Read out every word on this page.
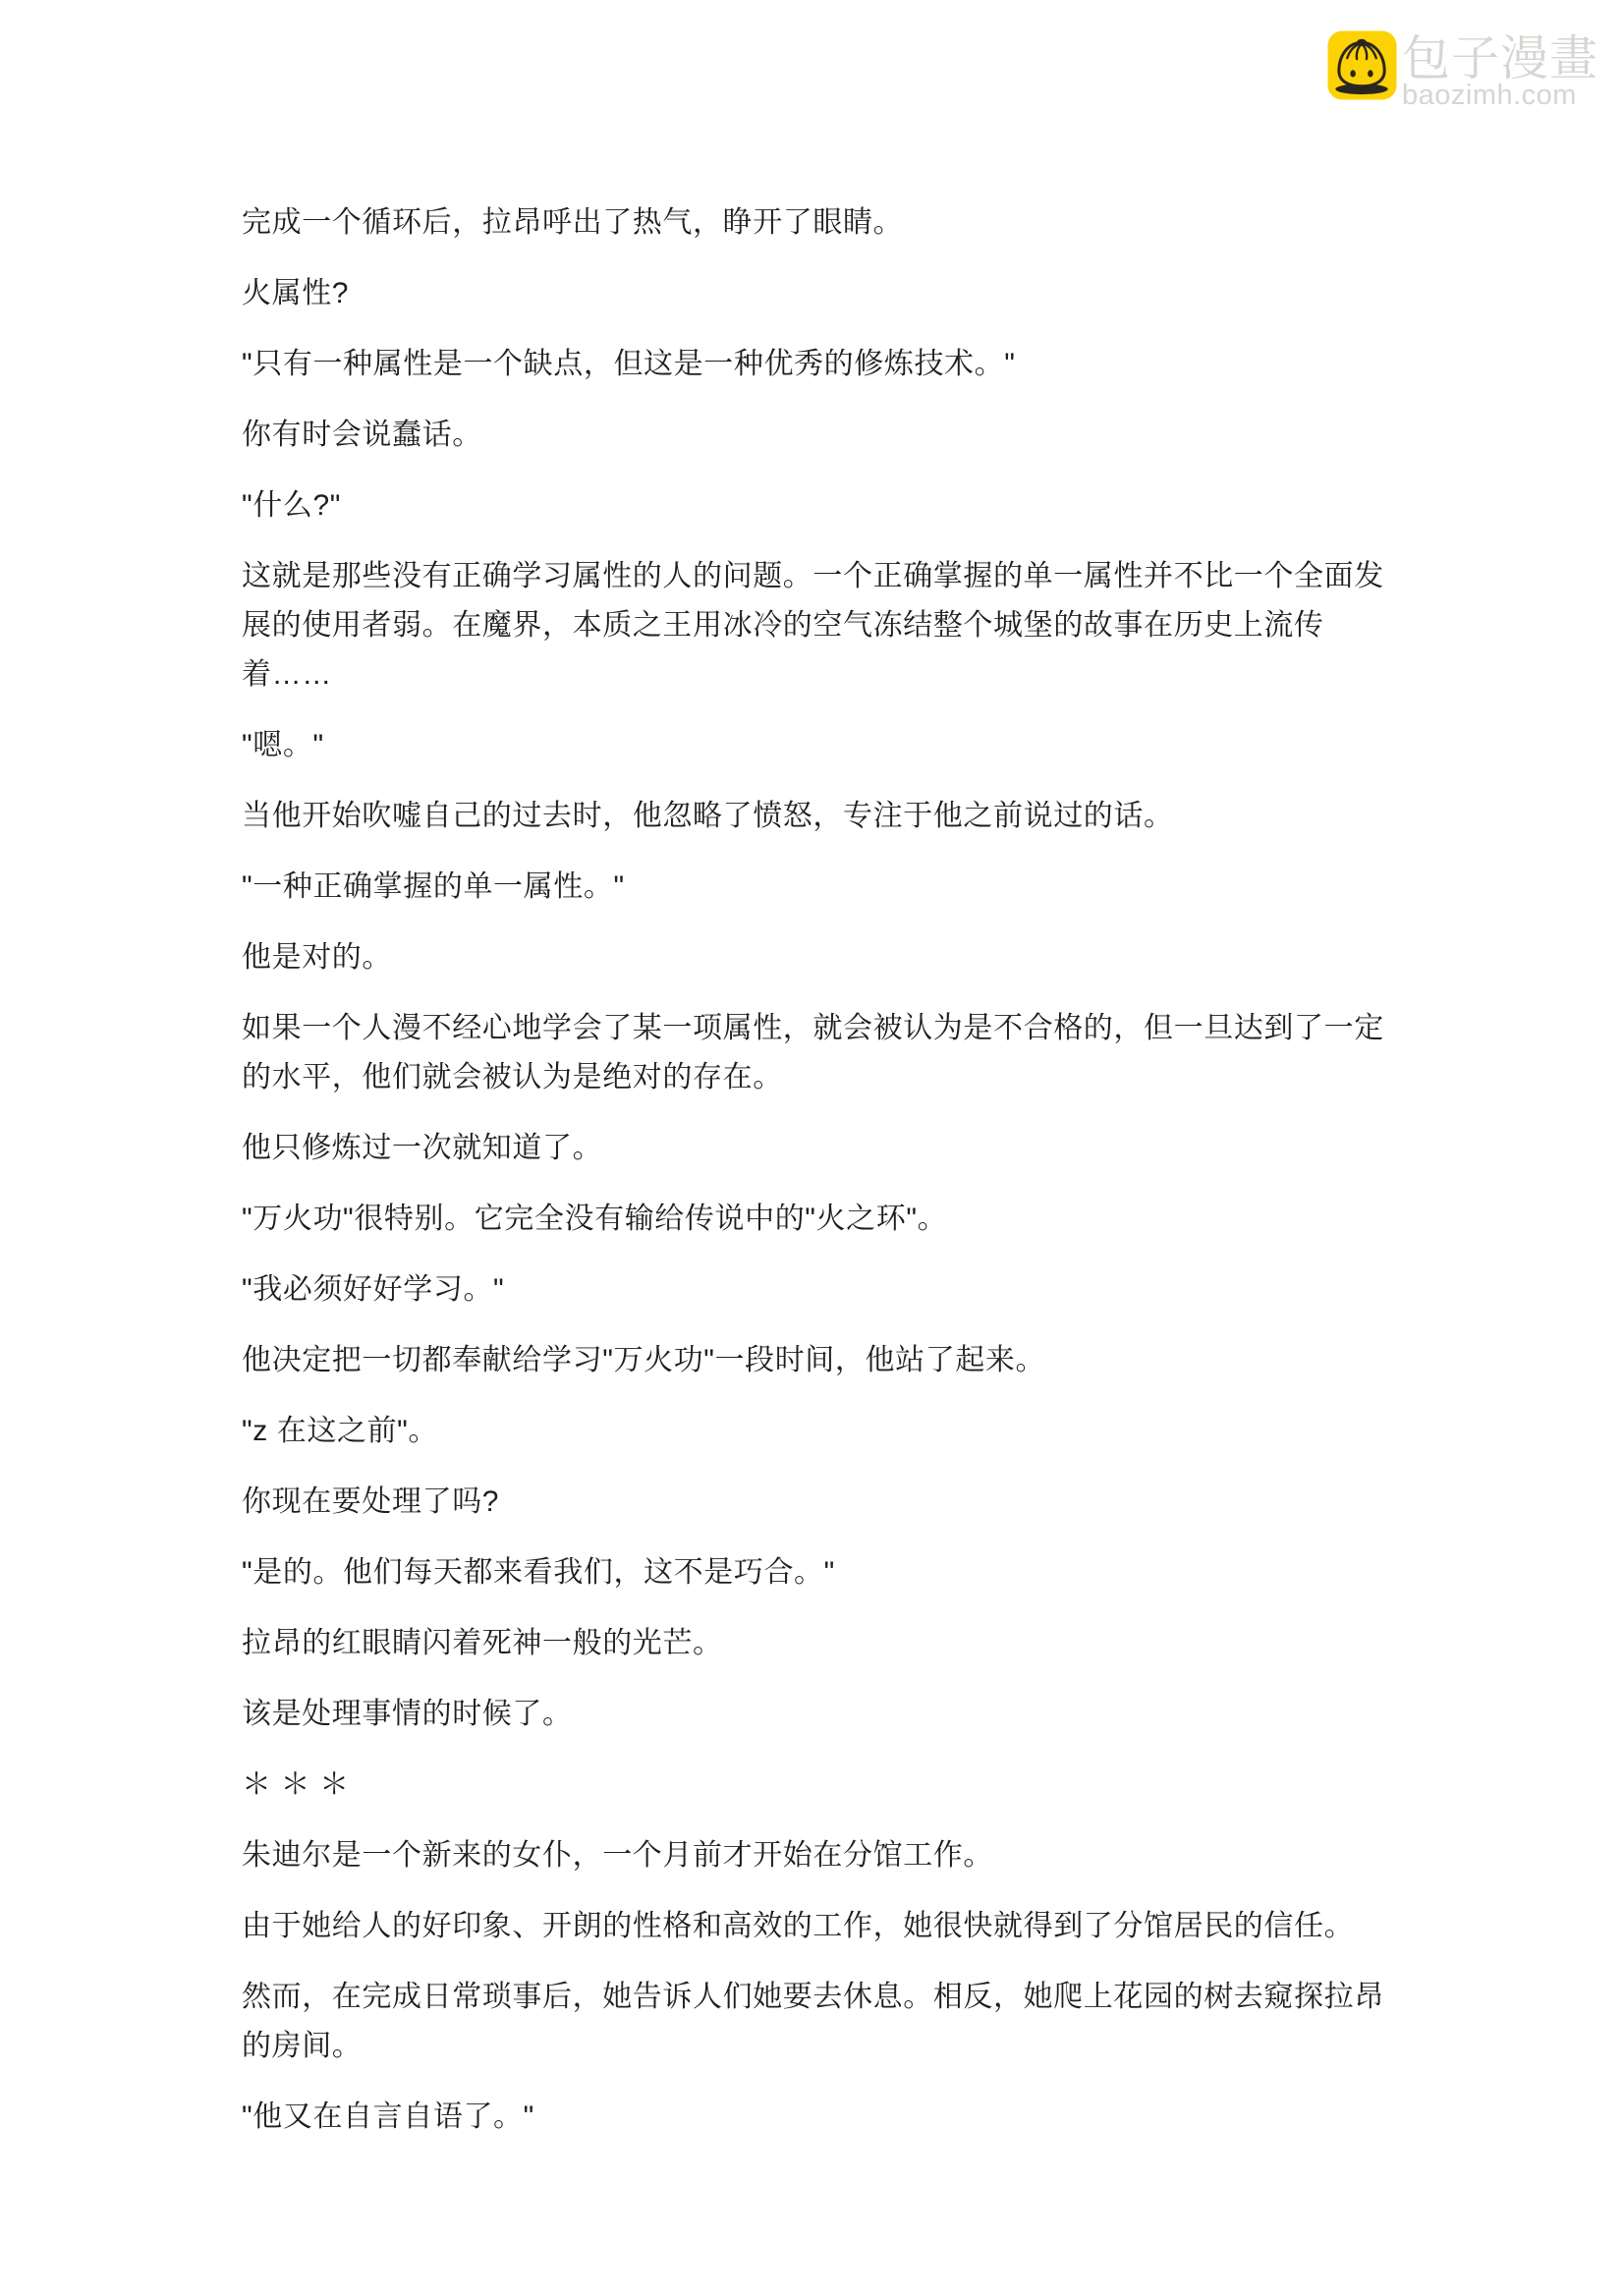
包子漫畫
baozimh.com

完成一个循环后，拉昂呼出了热气，睁开了眼睛。

火属性?

"只有一种属性是一个缺点，但这是一种优秀的修炼技术。"

你有时会说蠢话。

"什么?"

这就是那些没有正确学习属性的人的问题。一个正确掌握的单一属性并不比一个全面发展的使用者弱。在魔界，本质之王用冰冷的空气冻结整个城堡的故事在历史上流传着……

"嗯。"

当他开始吹嘘自己的过去时，他忽略了愤怒，专注于他之前说过的话。

"一种正确掌握的单一属性。"

他是对的。

如果一个人漫不经心地学会了某一项属性，就会被认为是不合格的，但一旦达到了一定的水平，他们就会被认为是绝对的存在。

他只修炼过一次就知道了。

"万火功"很特别。它完全没有输给传说中的"火之环"。

"我必须好好学习。"

他决定把一切都奉献给学习"万火功"一段时间，他站了起来。

"z 在这之前"。

你现在要处理了吗?

"是的。他们每天都来看我们，这不是巧合。"

拉昂的红眼睛闪着死神一般的光芒。

该是处理事情的时候了。

＊ ＊ ＊

朱迪尔是一个新来的女仆，一个月前才开始在分馆工作。

由于她给人的好印象、开朗的性格和高效的工作，她很快就得到了分馆居民的信任。

然而，在完成日常琐事后，她告诉人们她要去休息。相反，她爬上花园的树去窥探拉昂的房间。

"他又在自言自语了。"
